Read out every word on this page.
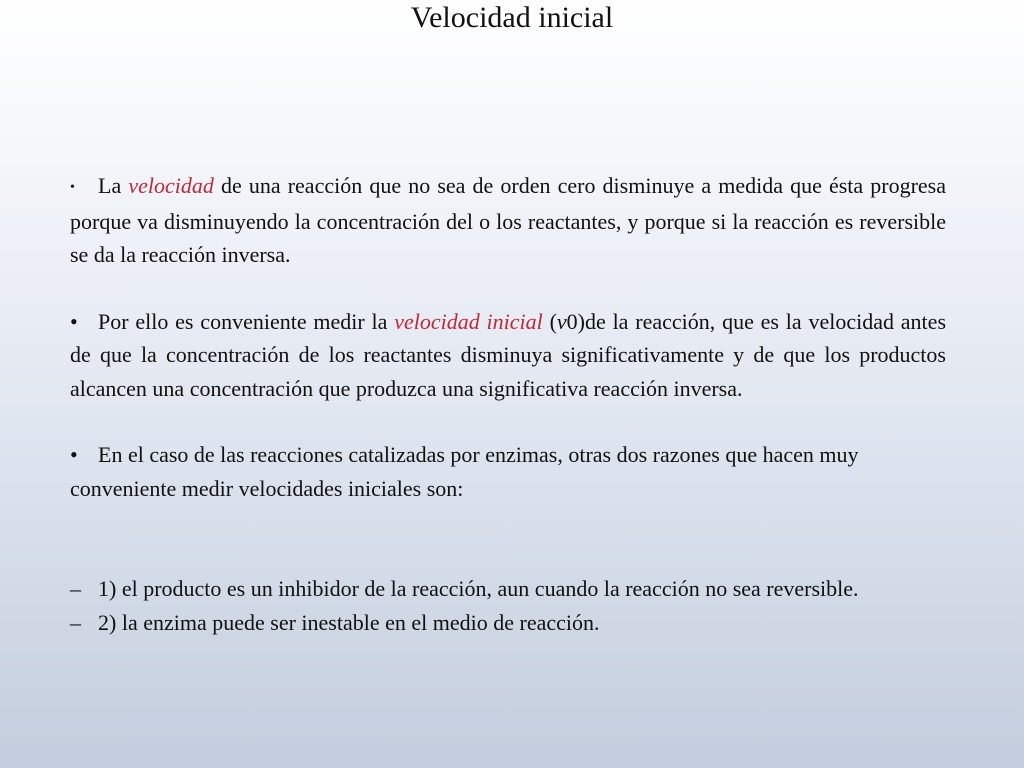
Velocidad inicial

• La velocidad de una reacción que no sea de orden cero disminuye a medida que ésta progresa porque va disminuyendo la concentración del o los reactantes, y porque si la reacción es reversible se da la reacción inversa.

• Por ello es conveniente medir la velocidad inicial (v0)de la reacción, que es la velocidad antes de que la concentración de los reactantes disminuya significativamente y de que los productos alcancen una concentración que produzca una significativa reacción inversa.

• En el caso de las reacciones catalizadas por enzimas, otras dos razones que hacen muy conveniente medir velocidades iniciales son:

– 1) el producto es un inhibidor de la reacción, aun cuando la reacción no sea reversible.

– 2) la enzima puede ser inestable en el medio de reacción.
